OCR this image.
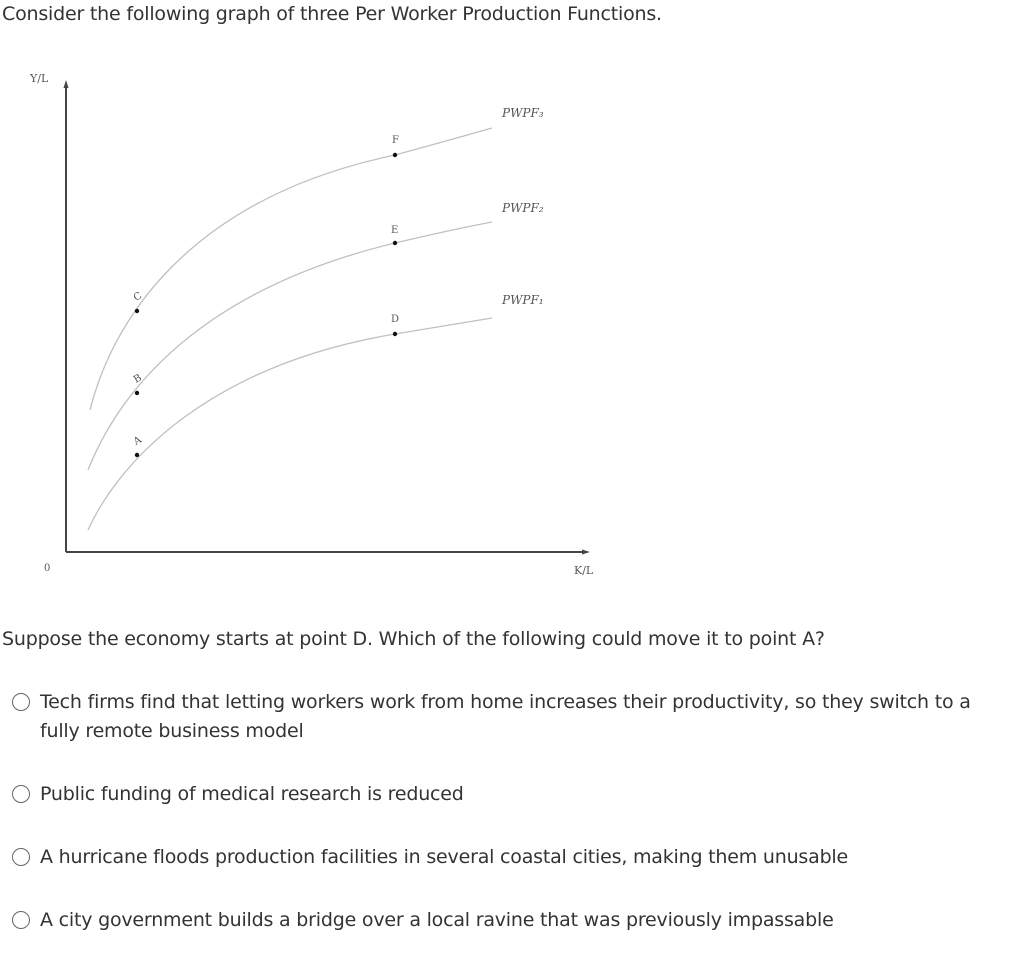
Consider the following graph of three Per Worker Production Functions.
Y/L
K/L
0
PWPF₃
PWPF₂
PWPF₁
F
E
D
C
B
A

Suppose the economy starts at point D. Which of the following could move it to point A?

Tech firms find that letting workers work from home increases their productivity, so they switch to a fully remote business model
Public funding of medical research is reduced
A hurricane floods production facilities in several coastal cities, making them unusable
A city government builds a bridge over a local ravine that was previously impassable
